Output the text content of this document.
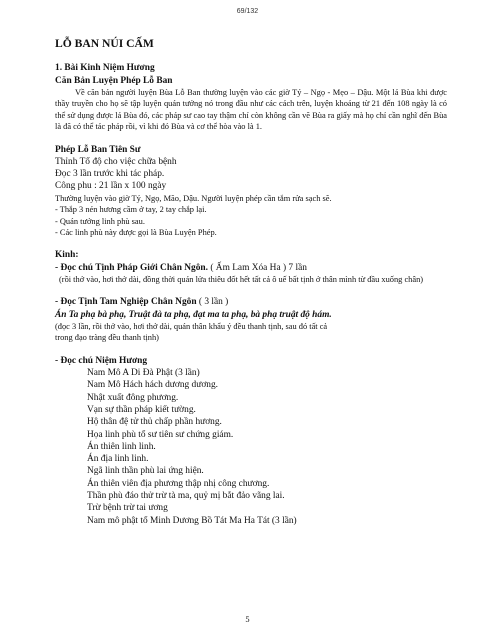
69/132
LỖ BAN NÚI CẤM
1. Bài Kinh Niệm Hương
Căn Bản Luyện Phép Lỗ Ban
Về căn bản người luyện Bùa Lỗ Ban thường luyện vào các giờ Tý – Ngọ - Mẹo – Dậu. Một lá Bùa khi được thầy truyền cho họ sẽ tập luyện quán tưởng nó trong đầu như các cách trên, luyện khoảng từ 21 đến 108 ngày là có thể sử dụng được lá Bùa đó, các pháp sư cao tay thậm chí còn không cần vẽ Bùa ra giấy mà họ chỉ cần nghĩ đến Bùa là đã có thể tác pháp rồi, vì khi đó Bùa và cơ thể hòa vào là 1.
Phép Lỗ Ban Tiên Sư
Thỉnh Tổ độ cho việc chữa bệnh
Đọc 3 lần trước khi tác pháp.
Công phu : 21 lần x 100 ngày
Thường luyện vào giờ Tý, Ngọ, Mão, Dậu. Người luyện phép cần tắm rửa sạch sẽ.
- Thắp 3 nén hương cầm ở tay, 2 tay chắp lại.
- Quán tưởng linh phù sau.
- Các linh phù này được gọi là Bùa Luyện Phép.
Kinh:
- Đọc chú Tịnh Pháp Giới Chân Ngôn. ( Ấm Lam Xóa Ha ) 7 lần
(rồi thở vào, hơi thở dài, đồng thời quán lửa thiêu đốt hết tất cả ô uế bất tịnh ở thân mình từ đầu xuống chân)
- Đọc Tịnh Tam Nghiệp Chân Ngôn ( 3 lần )
Án Ta phạ bà phạ, Truật đà ta phạ, đạt ma ta phạ, bà phạ truật độ hám.
(đọc 3 lần, rồi thở vào, hơi thở dài, quán thân khẩu ý đều thanh tịnh, sau đó tất cả
trong đạo tràng đều thanh tịnh)
- Đọc chú Niệm Hương
Nam Mô A Di Đà Phật (3 lần)
Nam Mô Hách hách dương dương.
Nhật xuất đông phương.
Vạn sự thần pháp kiết tường.
Hộ thân đệ tử thủ chấp phần hương.
Họa linh phù tổ sư tiên sư chứng giám.
Án thiên linh linh.
Án địa linh linh.
Ngã linh thần phù lai ứng hiện.
Án thiên viên địa phương thập nhị công chương.
Thần phù đáo thử trừ tà ma, quỷ mị bắt đảo vãng lai.
Trừ bệnh trừ tai ương
Nam mô phật tổ Minh Dương Bồ Tát Ma Ha Tát (3 lần)
5
